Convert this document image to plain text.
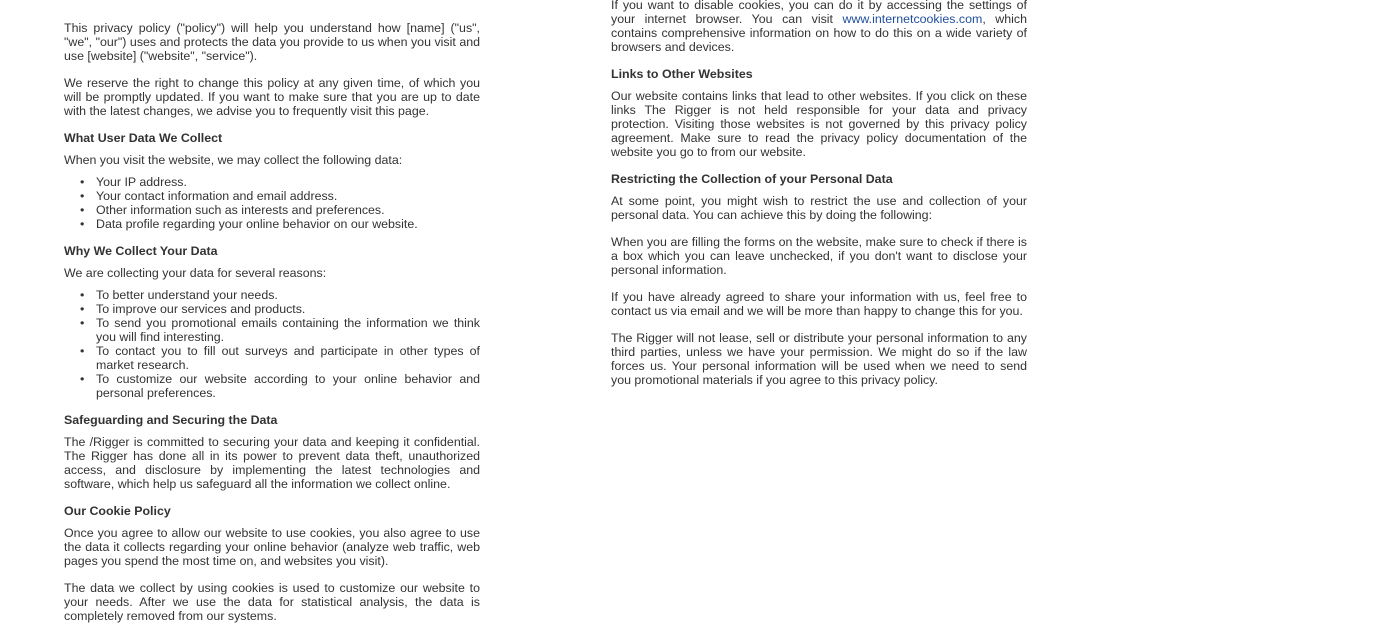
This privacy policy ("policy") will help you understand how [name] ("us", "we", "our") uses and protects the data you provide to us when you visit and use [website] ("website", "service").

We reserve the right to change this policy at any given time, of which you will be promptly updated. If you want to make sure that you are up to date with the latest changes, we advise you to frequently visit this page.

What User Data We Collect

When you visit the website, we may collect the following data:

• Your IP address.
• Your contact information and email address.
• Other information such as interests and preferences.
• Data profile regarding your online behavior on our website.
Why We Collect Your Data

We are collecting your data for several reasons:

• To better understand your needs.
• To improve our services and products.
• To send you promotional emails containing the information we think you will find interesting.
• To contact you to fill out surveys and participate in other types of market research.
• To customize our website according to your online behavior and personal preferences.
Safeguarding and Securing the Data

The /Rigger is committed to securing your data and keeping it confidential. The Rigger has done all in its power to prevent data theft, unauthorized access, and disclosure by implementing the latest technologies and software, which help us safeguard all the information we collect online.

Our Cookie Policy

Once you agree to allow our website to use cookies, you also agree to use the data it collects regarding your online behavior (analyze web traffic, web pages you spend the most time on, and websites you visit).

The data we collect by using cookies is used to customize our website to your needs. After we use the data for statistical analysis, the data is completely removed from our systems.

If you want to disable cookies, you can do it by accessing the settings of your internet browser. You can visit www.internetcookies.com, which contains comprehensive information on how to do this on a wide variety of browsers and devices.

Links to Other Websites

Our website contains links that lead to other websites. If you click on these links The Rigger is not held responsible for your data and privacy protection. Visiting those websites is not governed by this privacy policy agreement. Make sure to read the privacy policy documentation of the website you go to from our website.

Restricting the Collection of your Personal Data

At some point, you might wish to restrict the use and collection of your personal data. You can achieve this by doing the following:

When you are filling the forms on the website, make sure to check if there is a box which you can leave unchecked, if you don't want to disclose your personal information.

If you have already agreed to share your information with us, feel free to contact us via email and we will be more than happy to change this for you.

The Rigger will not lease, sell or distribute your personal information to any third parties, unless we have your permission. We might do so if the law forces us. Your personal information will be used when we need to send you promotional materials if you agree to this privacy policy.
